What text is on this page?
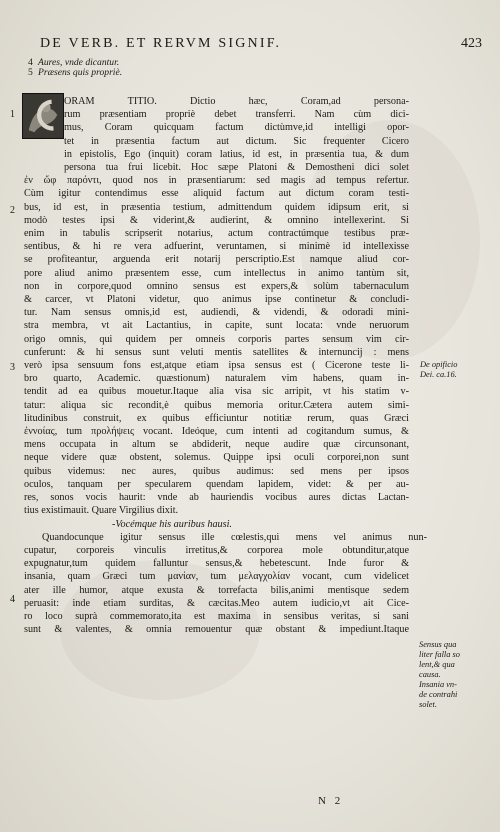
DE VERB. ET RERVM SIGNIF.	423
4 Aures, vnde dicantur.
5 Præsens quis propriè.
1
2
3
4
ORAM TITIO. Dictio hæc, Coram,ad persona-
rum præsentiam propriè debet transferri. Nam cùm dici-
mus, Coram quicquam factum dictùmve,id intelligi opor-
tet in præsentia factum aut dictum. Sic frequenter Cicero
in epistolis, Ego (inquit) coram latius, id est, in præsentia tua, & dum
persona tua frui licebit. Hoc sæpe Platoni & Demostheni dici solet
ἐν ὤφ παρόντι, quod nos in præsentiarum: sed magis ad tempus refertur.
Cùm igitur contendimus esse aliquid factum aut dictum coram testi-
bus, id est, in præsentia testium, admittendum quidem idipsum erit, si
modò testes ipsi & viderint,& audierint, & omnino intellexerint. Si
enim in tabulis scripserit notarius, actum contractúmque testibus præ-
sentibus, & hi re vera adfuerint, veruntamen, si minimè id intellexisse
se profiteantur, arguenda erit notarij perscriptio.Est namque aliud cor-
pore aliud animo præsentem esse, cum intellectus in animo tantùm sit,
non in corpore,quod omnino sensus est expers,& solùm tabernaculum
& carcer, vt Platoni videtur, quo animus ipse continetur & concludi-
tur. Nam sensus omnis,id est, audiendi, & videndi, & odoradi mini-
stra membra, vt ait Lactantius, in capite, sunt locata: vnde neruorum
origo omnis, qui quidem per omneis corporis partes sensum vim cir-
cunferunt: & hi sensus sunt veluti mentis satellites & internuncij : mens
verò ipsa sensuum fons est,atque etiam ipsa sensus est ( Cicerone teste li-
bro quarto, Academic. quæstionum) naturalem vim habens, quam in-
tendit ad ea quibus mouetur.Itaque alia visa sic arripit, vt his statim v-
tatur: aliqua sic recondit,è quibus memoria oritur.Cætera autem simi-
litudinibus construit, ex quibus efficiuntur notitiæ rerum, quas Græci
ἐννοίας, tum προλήψεις vocant. Ideóque, cum intenti ad cogitandum sumus, &
mens occupata in altum se abdiderit, neque audire quæ circunsonant,
neque videre quæ obstent, solemus. Quippe ipsi oculi corporei,non sunt
quibus videmus: nec aures, quibus audimus: sed mens per ipsos
oculos, tanquam per specularem quendam lapidem, videt: & per au-
res, sonos vocis haurit: vnde ab hauriendis vocibus aures dictas Lactan-
tius existimauit. Quare Virgilius dixit.
-Vocémque his auribus hausi.
Quandocunque igitur sensus ille cœlestis,qui mens vel animus nun-
cupatur, corporeis vinculis irretitus,& corporea mole obtunditur,atque
expugnatur,tum quidem falluntur sensus,& hebetescunt. Inde furor &
insania, quam Græci tum μανίαν, tum μελαγχολίαν vocant, cum videlicet
ater ille humor, atque exusta & torrefacta bilis,animi mentisque sedem
peruasit: inde etiam surditas, & cæcitas.Meo autem iudicio,vt ait Cice-
ro loco suprà commemorato,ita est maxima in sensibus veritas, si sani
sunt & valentes, & omnia remouentur quæ obstant & impediunt.Itaque
De opificio
Dei. ca.16.
Sensus qua
liter falla so
lent,& qua
causa.
Insania vn-
de contrahi
solet.
N 2
